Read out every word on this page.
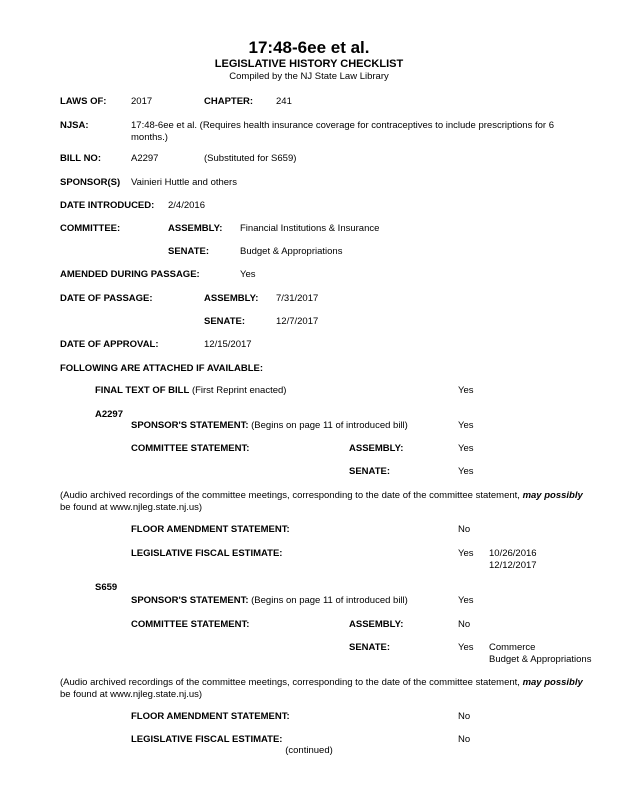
17:48-6ee et al.
LEGISLATIVE HISTORY CHECKLIST
Compiled by the NJ State Law Library
LAWS OF:	2017	CHAPTER: 241
NJSA:	17:48-6ee et al. (Requires health insurance coverage for contraceptives to include prescriptions for 6 months.)
BILL NO:	A2297	(Substituted for S659)
SPONSOR(S) Vainieri Huttle and others
DATE INTRODUCED: 2/4/2016
COMMITTEE:	ASSEMBLY: Financial Institutions & Insurance
SENATE:	Budget & Appropriations
AMENDED DURING PASSAGE:	Yes
DATE OF PASSAGE:	ASSEMBLY: 7/31/2017
SENATE:	12/7/2017
DATE OF APPROVAL:	12/15/2017
FOLLOWING ARE ATTACHED IF AVAILABLE:
FINAL TEXT OF BILL (First Reprint enacted)	Yes
A2297
SPONSOR'S STATEMENT: (Begins on page 11 of introduced bill)	Yes
COMMITTEE STATEMENT:	ASSEMBLY:	Yes
SENATE:	Yes
(Audio archived recordings of the committee meetings, corresponding to the date of the committee statement, may possibly
be found at www.njleg.state.nj.us)
FLOOR AMENDMENT STATEMENT:	No
LEGISLATIVE FISCAL ESTIMATE:	Yes 10/26/2016
12/12/2017
S659
SPONSOR'S STATEMENT: (Begins on page 11 of introduced bill)	Yes
COMMITTEE STATEMENT:	ASSEMBLY:	No
SENATE:	Yes Commerce
Budget & Appropriations
(Audio archived recordings of the committee meetings, corresponding to the date of the committee statement, may possibly
be found at www.njleg.state.nj.us)
FLOOR AMENDMENT STATEMENT:	No
LEGISLATIVE FISCAL ESTIMATE:	No
(continued)
